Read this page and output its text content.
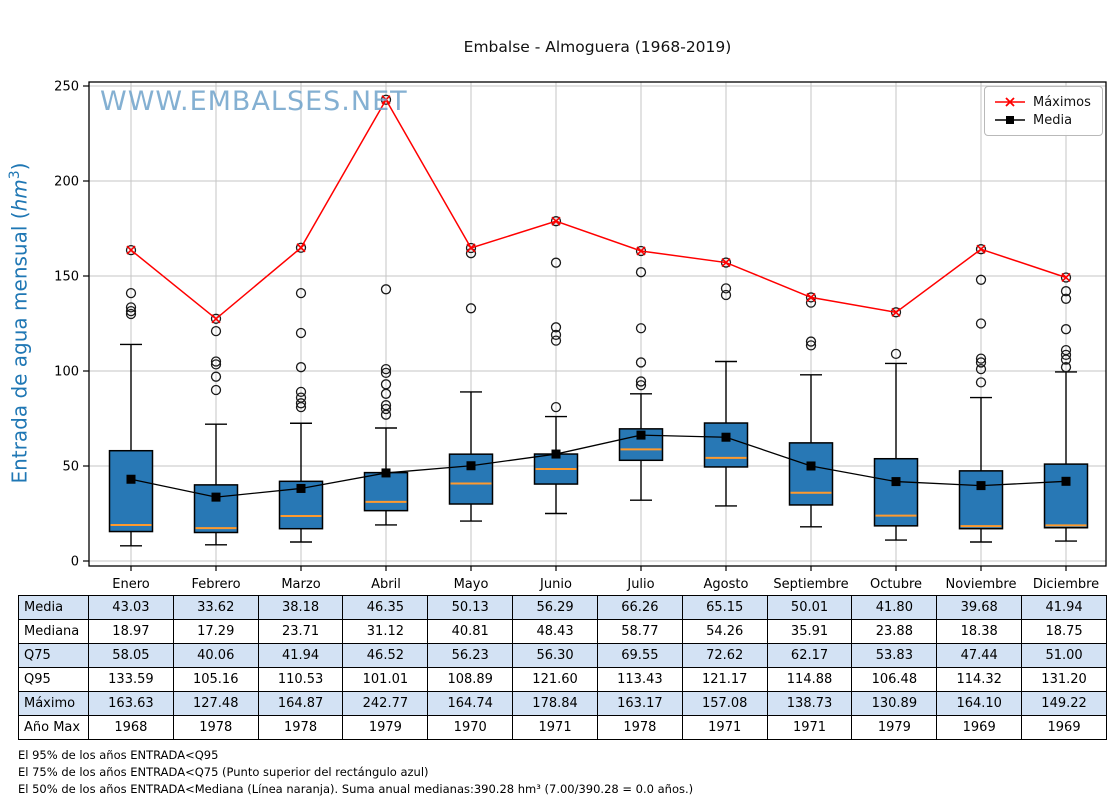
Embalse - Almoguera (1968-2019)
0
50
100
150
200
250
Enero	Febrero	Marzo	Abril	Mayo	Junio	Julio	Agosto Septiembre Octubre Noviembre Diciembre
WWW.EMBALSES.NET
Entrada de agua mensual $(hm^3)$
Máximos
Media
Media	43.03	33.62	38.18	46.35	50.13	56.29	66.26	65.15	50.01	41.80	39.68	41.94
Mediana	18.97	17.29	23.71	31.12	40.81	48.43	58.77	54.26	35.91	23.88	18.38	18.75
Q75	58.05	40.06	41.94	46.52	56.23	56.30	69.55	72.62	62.17	53.83	47.44	51.00
Q95	133.59	105.16	110.53	101.01	108.89	121.60	113.43	121.17	114.88	106.48	114.32	131.20
Máximo	163.63	127.48	164.87	242.77	164.74	178.84	163.17	157.08	138.73	130.89	164.10	149.22
Año Max	1968	1978	1978	1979	1970	1971	1978	1971	1971	1979	1969	1969
El 95% de los años ENTRADA<Q95
El 75% de los años ENTRADA<Q75 (Punto superior del rectángulo azul)
El 50% de los años ENTRADA<Mediana (Línea naranja). Suma anual medianas:390.28 hm³ (7.00/390.28 = 0.0 años.)
